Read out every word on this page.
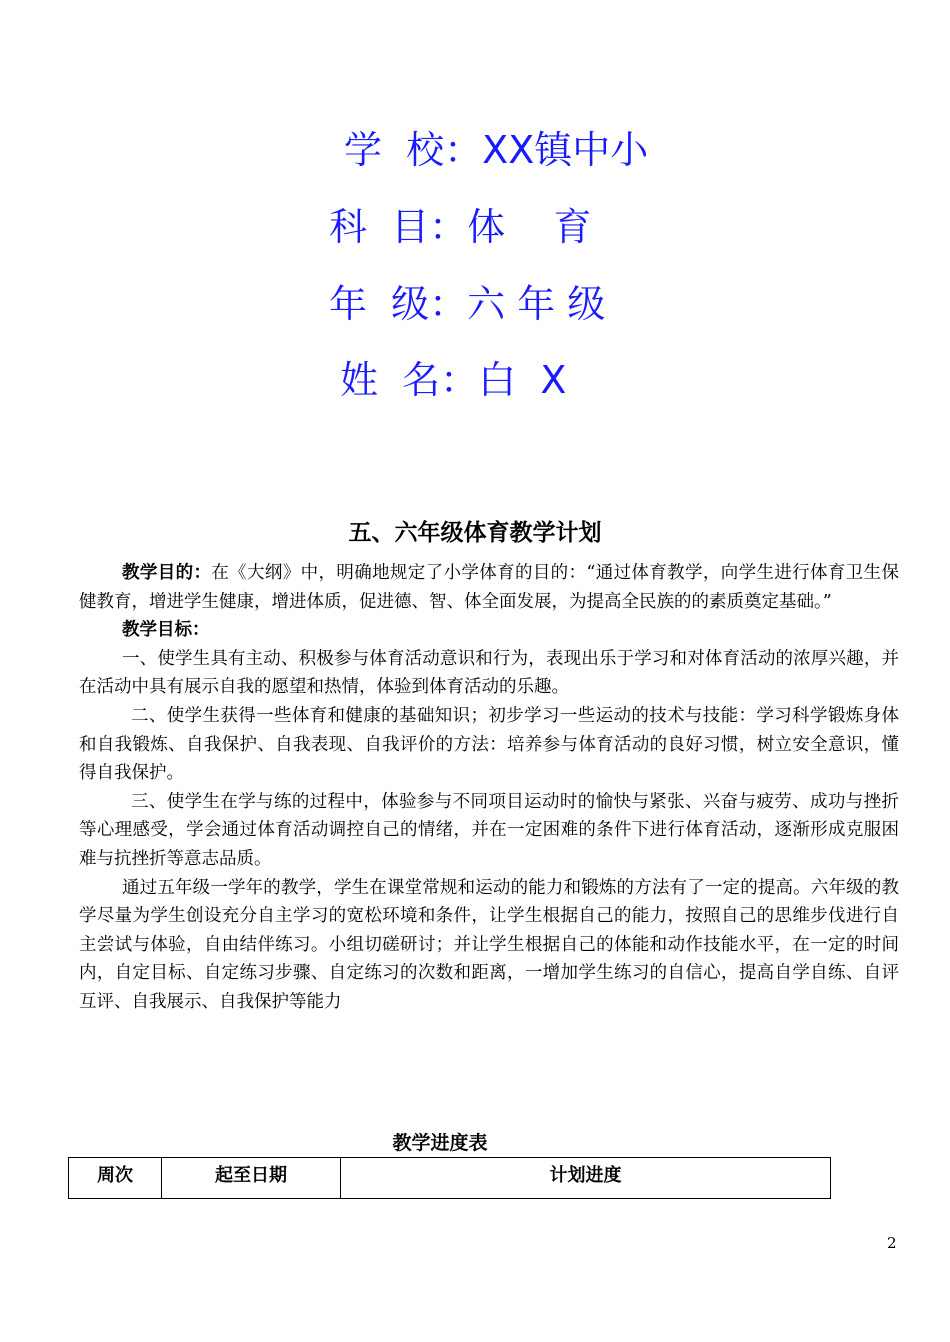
学  校：XX镇中小
科  目：体    育
年  级：六 年 级
姓  名：白  X
五、六年级体育教学计划

教学目的：在《大纲》中，明确地规定了小学体育的目的：“通过体育教学，向学生进行体育卫生保健教育，增进学生健康，增进体质，促进德、智、体全面发展，为提高全民族的的素质奠定基础。”

教学目标：

一、使学生具有主动、积极参与体育活动意识和行为，表现出乐于学习和对体育活动的浓厚兴趣，并在活动中具有展示自我的愿望和热情，体验到体育活动的乐趣。

二、使学生获得一些体育和健康的基础知识；初步学习一些运动的技术与技能：学习科学锻炼身体和自我锻炼、自我保护、自我表现、自我评价的方法：培养参与体育活动的良好习惯，树立安全意识，懂得自我保护。

三、使学生在学与练的过程中，体验参与不同项目运动时的愉快与紧张、兴奋与疲劳、成功与挫折等心理感受，学会通过体育活动调控自己的情绪，并在一定困难的条件下进行体育活动，逐渐形成克服困难与抗挫折等意志品质。

通过五年级一学年的教学，学生在课堂常规和运动的能力和锻炼的方法有了一定的提高。六年级的教学尽量为学生创设充分自主学习的宽松环境和条件，让学生根据自己的能力，按照自己的思维步伐进行自主尝试与体验，自由结伴练习。小组切磋研讨；并让学生根据自己的体能和动作技能水平，在一定的时间内，自定目标、自定练习步骤、自定练习的次数和距离，一增加学生练习的自信心，提高自学自练、自评互评、自我展示、自我保护等能力

教学进度表
周次	起至日期	计划进度
2
